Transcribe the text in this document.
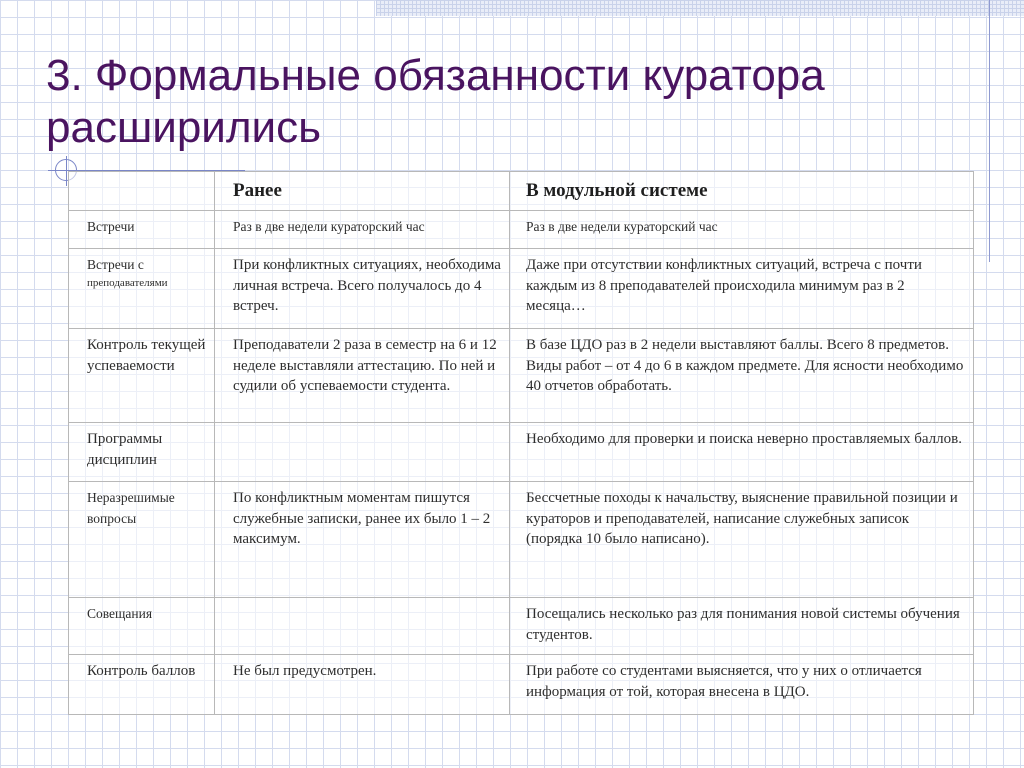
3. Формальные обязанности куратора расширились

	Ранее	В модульной системе

Встречи	Раз в две недели кураторский час	Раз в две недели кураторский час

Встречи с
преподавателями	При конфликтных ситуациях, необходима личная встреча. Всего получалось до 4 встреч.	Даже при отсутствии конфликтных ситуаций, встреча с почти каждым из 8 преподавателей происходила минимум раз в 2 месяца…

Контроль текущей успеваемости	Преподаватели 2 раза в семестр на 6 и 12 неделе выставляли аттестацию. По ней и судили об успеваемости студента.	В базе ЦДО раз в 2 недели выставляют баллы. Всего 8 предметов. Виды работ – от 4 до 6 в каждом предмете. Для ясности необходимо 40 отчетов обработать.

Программы дисциплин		Необходимо для проверки и поиска неверно проставляемых баллов.

Неразрешимые вопросы	По конфликтным моментам пишутся служебные записки, ранее их было 1 – 2 максимум.	Бессчетные походы к начальству, выяснение правильной позиции и кураторов и преподавателей, написание служебных записок (порядка 10 было написано).

Совещания		Посещались несколько раз для понимания новой системы обучения студентов.

Контроль баллов	Не был предусмотрен.	При работе со студентами выясняется, что у них о отличается информация от той, которая внесена в ЦДО.
